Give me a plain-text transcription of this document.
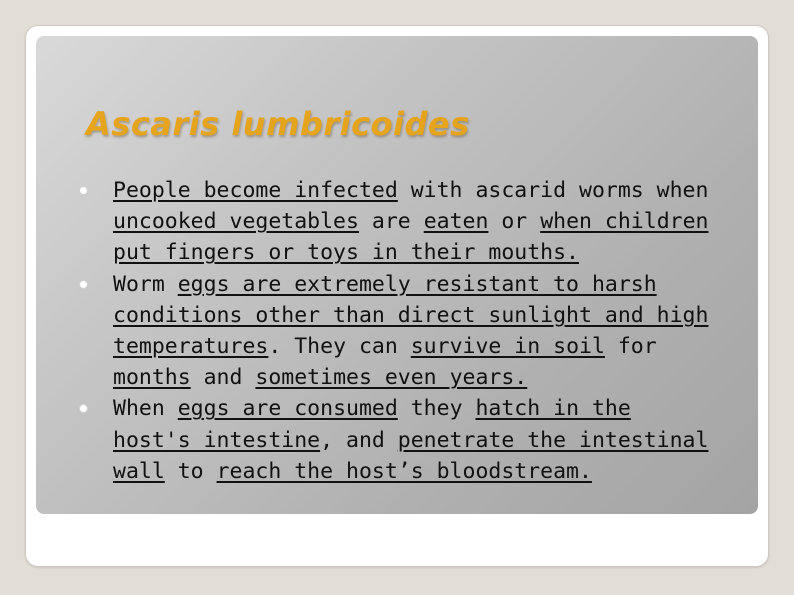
Ascaris lumbricoides
People become infected with ascarid worms when uncooked vegetables are eaten or when children put fingers or toys in their mouths.
Worm eggs are extremely resistant to harsh conditions other than direct sunlight and high temperatures. They can survive in soil for months and sometimes even years.
When eggs are consumed they hatch in the host's intestine, and penetrate the intestinal wall to reach the host’s bloodstream.
